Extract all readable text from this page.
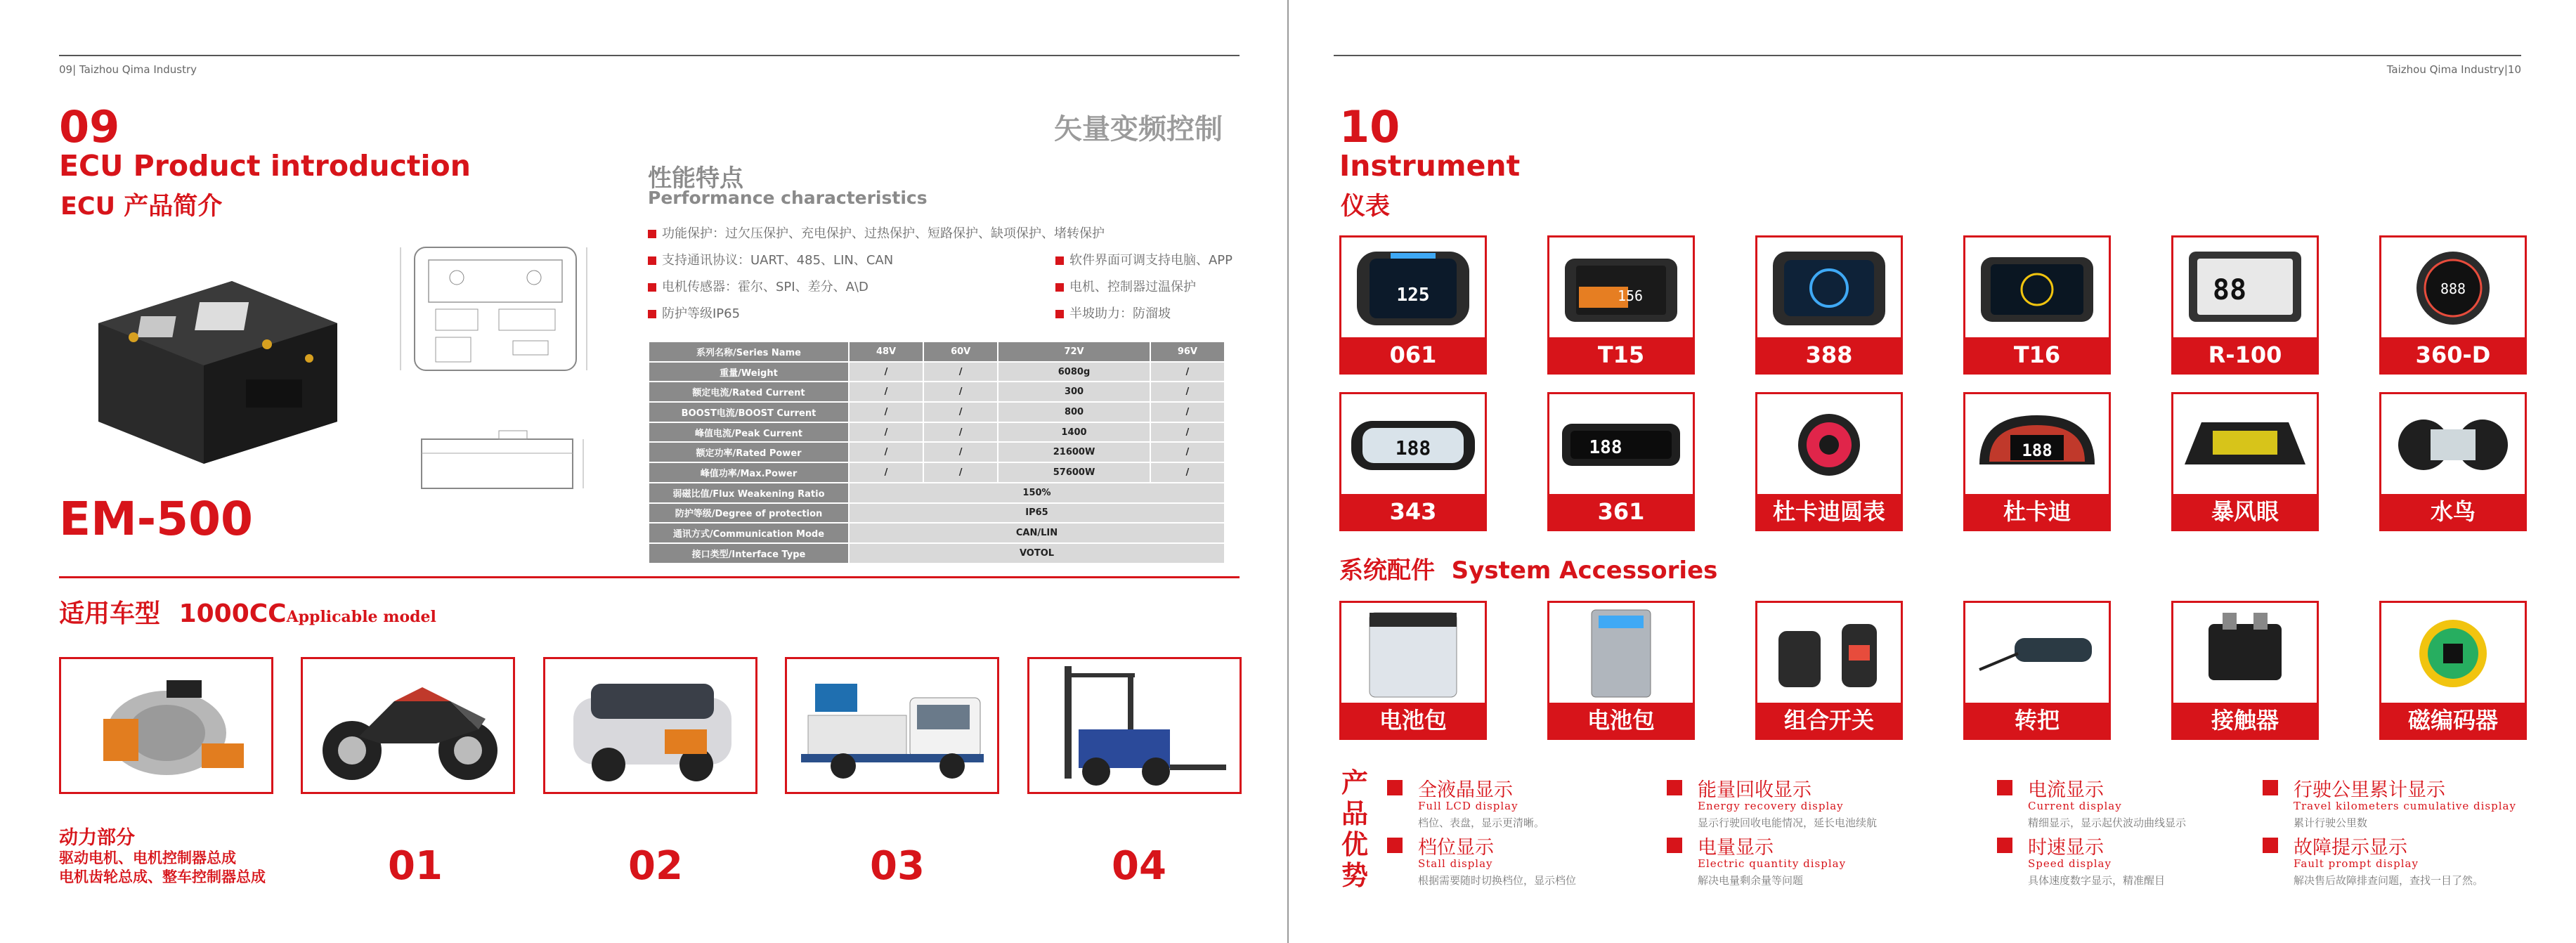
09| Taizhou Qima Industry
09
ECU Product introduction
ECU 产品简介
矢量变频控制
性能特点
Performance characteristics
功能保护：过欠压保护、充电保护、过热保护、短路保护、缺项保护、堵转保护
支持通讯协议：UART、485、LIN、CAN
电机传感器：霍尔、SPI、差分、A\D
防护等级IP65
软件界面可调支持电脑、APP
电机、控制器过温保护
半坡助力：防溜坡
EM-500
系列名称/Series Name	48V	60V	72V	96V
重量/Weight	/	/	6080g	/
额定电流/Rated Current	/	/	300	/
BOOST电流/BOOST Current	/	/	800	/
峰值电流/Peak Current	/	/	1400	/
额定功率/Rated Power	/	/	21600W	/
峰值功率/Max.Power	/	/	57600W	/
弱磁比值/Flux Weakening Ratio	150%			
防护等级/Degree of protection	IP65			
通讯方式/Communication Mode	CAN/LIN			
接口类型/Interface Type	VOTOL			
适用车型 1000CCApplicable model
动力部分
驱动电机、电机控制器总成
电机齿轮总成、整车控制器总成	01	02	03	04
Taizhou Qima Industry|10
10
Instrument
仪表
125
061
156
T15	388	T16
88
R-100
888
360-D
188
343
188
361	杜卡迪圆表
188
杜卡迪	暴风眼	水鸟
系统配件  System Accessories
电池包	电池包	组合开关	转把	接触器	磁编码器
产
品
优
势
全液晶显示
Full LCD display
档位、表盘，显示更清晰。
能量回收显示
Energy recovery display
显示行驶回收电能情况，延长电池续航
电流显示
Current display
精细显示，显示起伏波动曲线显示
行驶公里累计显示
Travel kilometers cumulative display
累计行驶公里数
档位显示
Stall display
根据需要随时切换档位，显示档位
电量显示
Electric quantity display
解决电量剩余量等问题
时速显示
Speed display
具体速度数字显示，精准醒目
故障提示显示
Fault prompt display
解决售后故障排查问题，查找一目了然。
